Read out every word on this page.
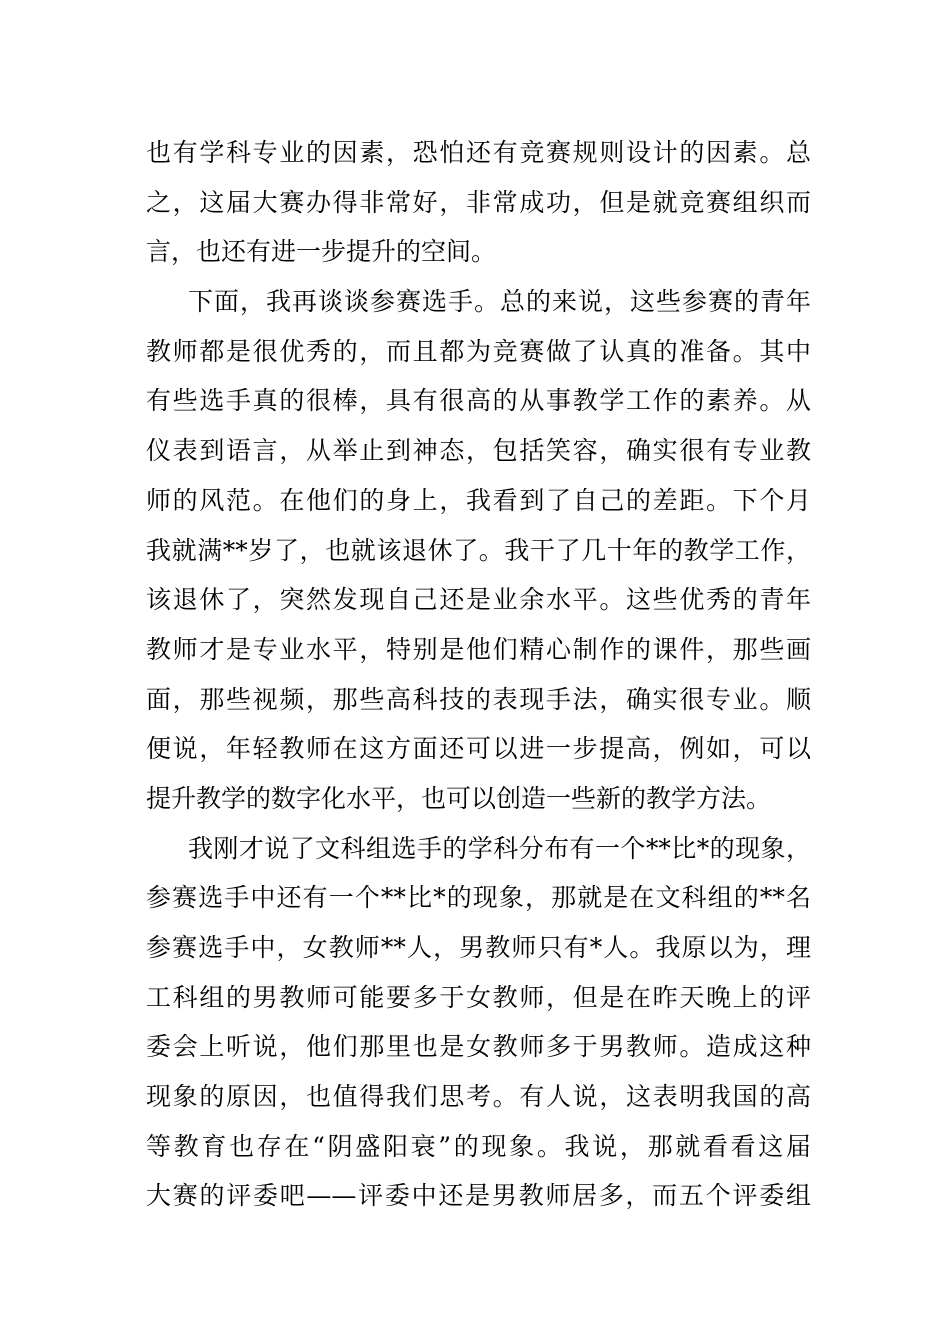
也有学科专业的因素，恐怕还有竞赛规则设计的因素。总
之，这届大赛办得非常好，非常成功，但是就竞赛组织而
言，也还有进一步提升的空间。
下面，我再谈谈参赛选手。总的来说，这些参赛的青年
教师都是很优秀的，而且都为竞赛做了认真的准备。其中
有些选手真的很棒，具有很高的从事教学工作的素养。从
仪表到语言，从举止到神态，包括笑容，确实很有专业教
师的风范。在他们的身上，我看到了自己的差距。下个月
我就满**岁了，也就该退休了。我干了几十年的教学工作，
该退休了，突然发现自己还是业余水平。这些优秀的青年
教师才是专业水平，特别是他们精心制作的课件，那些画
面，那些视频，那些高科技的表现手法，确实很专业。顺
便说，年轻教师在这方面还可以进一步提高，例如，可以
提升教学的数字化水平，也可以创造一些新的教学方法。
我刚才说了文科组选手的学科分布有一个**比*的现象，
参赛选手中还有一个**比*的现象，那就是在文科组的**名
参赛选手中，女教师**人，男教师只有*人。我原以为，理
工科组的男教师可能要多于女教师，但是在昨天晚上的评
委会上听说，他们那里也是女教师多于男教师。造成这种
现象的原因，也值得我们思考。有人说，这表明我国的高
等教育也存在“阴盛阳衰”的现象。我说，那就看看这届
大赛的评委吧——评委中还是男教师居多，而五个评委组
